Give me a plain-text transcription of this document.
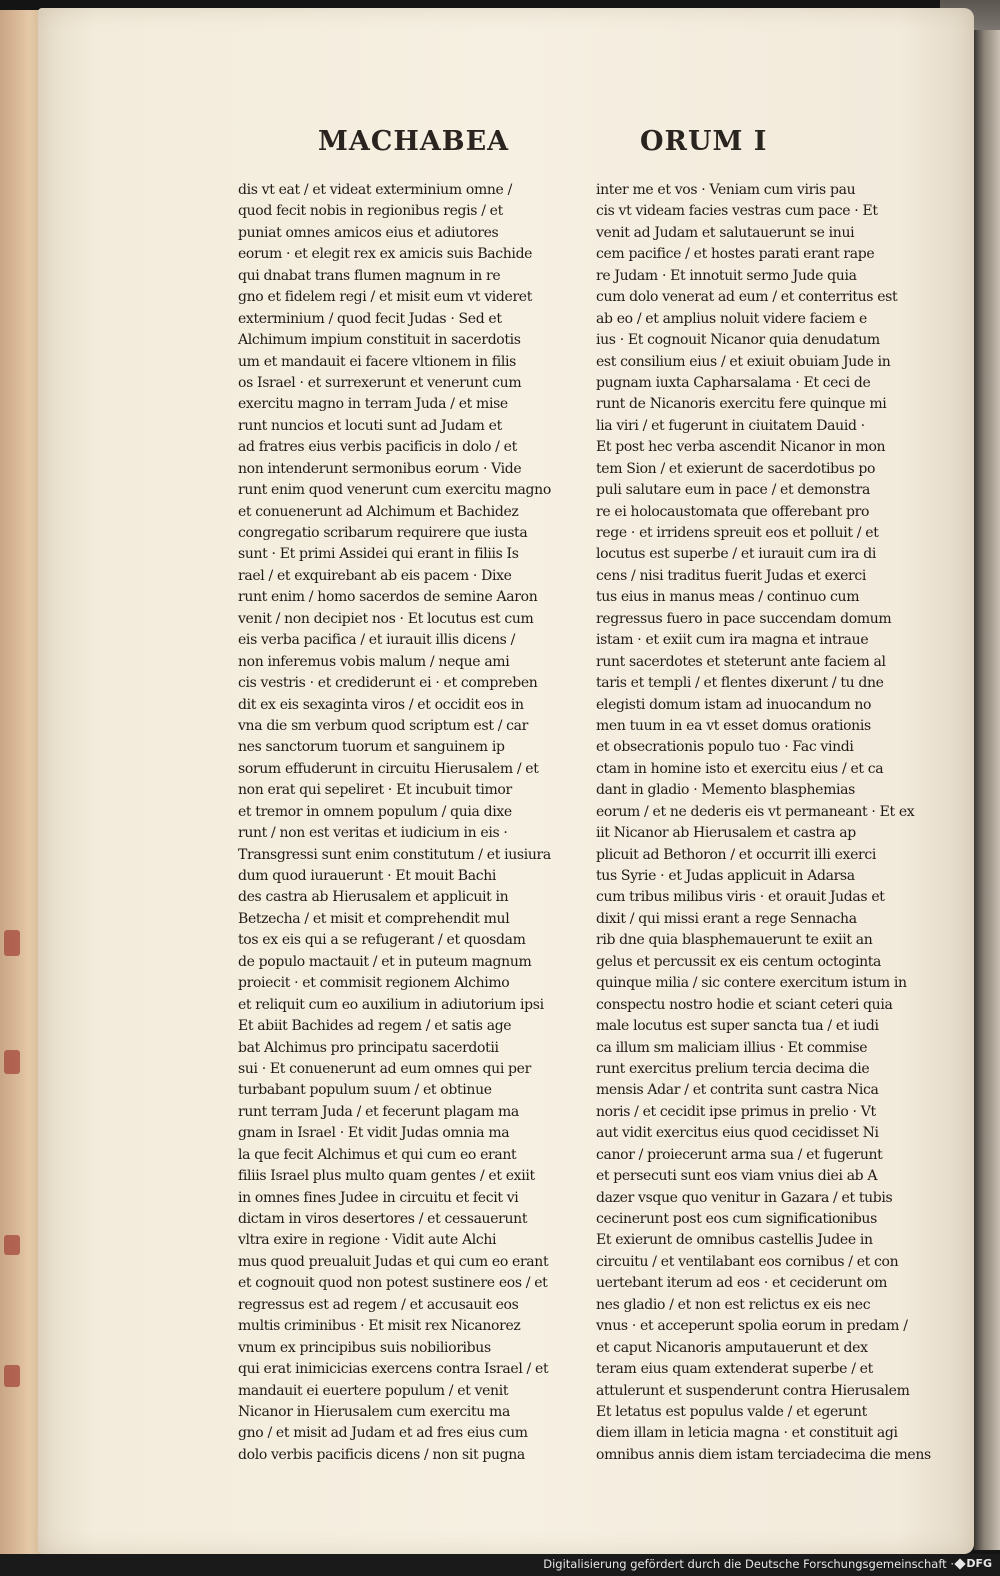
MACHABEA	ORUM I
dis vt eat / et videat exterminium omne /
quod fecit nobis in regionibus regis / et
puniat omnes amicos eius et adiutores
eorum · et elegit rex ex amicis suis Bachide
qui dnabat trans flumen magnum in re
gno et fidelem regi / et misit eum vt videret
exterminium / quod fecit Judas · Sed et
Alchimum impium constituit in sacerdotis
um et mandauit ei facere vltionem in filis
os Israel · et surrexerunt et venerunt cum
exercitu magno in terram Juda / et mise
runt nuncios et locuti sunt ad Judam et
ad fratres eius verbis pacificis in dolo / et
non intenderunt sermonibus eorum · Vide
runt enim quod venerunt cum exercitu magno
et conuenerunt ad Alchimum et Bachidez
congregatio scribarum requirere que iusta
sunt · Et primi Assidei qui erant in filiis Is
rael / et exquirebant ab eis pacem · Dixe
runt enim / homo sacerdos de semine Aaron
venit / non decipiet nos · Et locutus est cum
eis verba pacifica / et iurauit illis dicens /
non inferemus vobis malum / neque ami
cis vestris · et crediderunt ei · et compreben
dit ex eis sexaginta viros / et occidit eos in
vna die sm verbum quod scriptum est / car
nes sanctorum tuorum et sanguinem ip
sorum effuderunt in circuitu Hierusalem / et
non erat qui sepeliret · Et incubuit timor
et tremor in omnem populum / quia dixe
runt / non est veritas et iudicium in eis ·
Transgressi sunt enim constitutum / et iusiura
dum quod iurauerunt · Et mouit Bachi
des castra ab Hierusalem et applicuit in
Betzecha / et misit et comprehendit mul
tos ex eis qui a se refugerant / et quosdam
de populo mactauit / et in puteum magnum
proiecit · et commisit regionem Alchimo
et reliquit cum eo auxilium in adiutorium ipsi
Et abiit Bachides ad regem / et satis age
bat Alchimus pro principatu sacerdotii
sui · Et conuenerunt ad eum omnes qui per
turbabant populum suum / et obtinue
runt terram Juda / et fecerunt plagam ma
gnam in Israel · Et vidit Judas omnia ma
la que fecit Alchimus et qui cum eo erant
filiis Israel plus multo quam gentes / et exiit
in omnes fines Judee in circuitu et fecit vi
dictam in viros desertores / et cessauerunt
vltra exire in regione · Vidit aute Alchi
mus quod preualuit Judas et qui cum eo erant
et cognouit quod non potest sustinere eos / et
regressus est ad regem / et accusauit eos
multis criminibus · Et misit rex Nicanorez
vnum ex principibus suis nobilioribus
qui erat inimicicias exercens contra Israel / et
mandauit ei euertere populum / et venit
Nicanor in Hierusalem cum exercitu ma
gno / et misit ad Judam et ad fres eius cum
dolo verbis pacificis dicens / non sit pugna
inter me et vos · Veniam cum viris pau
cis vt videam facies vestras cum pace · Et
venit ad Judam et salutauerunt se inui
cem pacifice / et hostes parati erant rape
re Judam · Et innotuit sermo Jude quia
cum dolo venerat ad eum / et conterritus est
ab eo / et amplius noluit videre faciem e
ius · Et cognouit Nicanor quia denudatum
est consilium eius / et exiuit obuiam Jude in
pugnam iuxta Capharsalama · Et ceci de
runt de Nicanoris exercitu fere quinque mi
lia viri / et fugerunt in ciuitatem Dauid ·
Et post hec verba ascendit Nicanor in mon
tem Sion / et exierunt de sacerdotibus po
puli salutare eum in pace / et demonstra
re ei holocaustomata que offerebant pro
rege · et irridens spreuit eos et polluit / et
locutus est superbe / et iurauit cum ira di
cens / nisi traditus fuerit Judas et exerci
tus eius in manus meas / continuo cum
regressus fuero in pace succendam domum
istam · et exiit cum ira magna et intraue
runt sacerdotes et steterunt ante faciem al
taris et templi / et flentes dixerunt / tu dne
elegisti domum istam ad inuocandum no
men tuum in ea vt esset domus orationis
et obsecrationis populo tuo · Fac vindi
ctam in homine isto et exercitu eius / et ca
dant in gladio · Memento blasphemias
eorum / et ne dederis eis vt permaneant · Et ex
iit Nicanor ab Hierusalem et castra ap
plicuit ad Bethoron / et occurrit illi exerci
tus Syrie · et Judas applicuit in Adarsa
cum tribus milibus viris · et orauit Judas et
dixit / qui missi erant a rege Sennacha
rib dne quia blasphemauerunt te exiit an
gelus et percussit ex eis centum octoginta
quinque milia / sic contere exercitum istum in
conspectu nostro hodie et sciant ceteri quia
male locutus est super sancta tua / et iudi
ca illum sm maliciam illius · Et commise
runt exercitus prelium tercia decima die
mensis Adar / et contrita sunt castra Nica
noris / et cecidit ipse primus in prelio · Vt
aut vidit exercitus eius quod cecidisset Ni
canor / proiecerunt arma sua / et fugerunt
et persecuti sunt eos viam vnius diei ab A
dazer vsque quo venitur in Gazara / et tubis
cecinerunt post eos cum significationibus
Et exierunt de omnibus castellis Judee in
circuitu / et ventilabant eos cornibus / et con
uertebant iterum ad eos · et ceciderunt om
nes gladio / et non est relictus ex eis nec
vnus · et acceperunt spolia eorum in predam /
et caput Nicanoris amputauerunt et dex
teram eius quam extenderat superbe / et
attulerunt et suspenderunt contra Hierusalem
Et letatus est populus valde / et egerunt
diem illam in leticia magna · et constituit agi
omnibus annis diem istam terciadecima die mens
Digitalisierung gefördert durch die Deutsche Forschungsgemeinschaft ·	DFG
